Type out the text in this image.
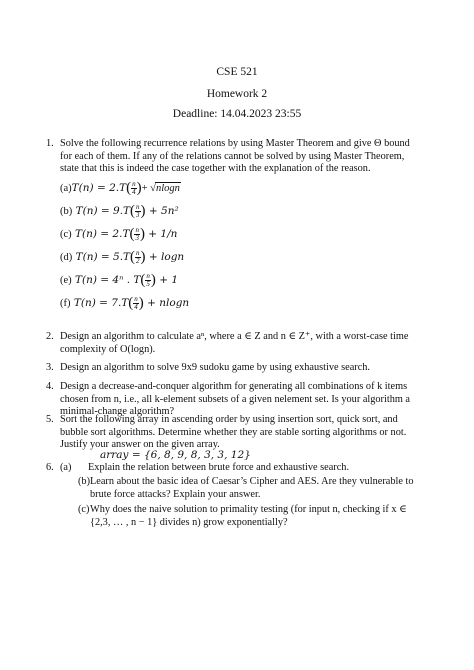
CSE 521
Homework 2
Deadline: 14.04.2023 23:55
1. Solve the following recurrence relations by using Master Theorem and give Θ bound for each of them. If any of the relations cannot be solved by using Master Theorem, state that this is indeed the case together with the explanation of the reason.
$(a)T(n) = 2.T( \frac{n}{4}$ )+ √nlogn
(b) $T(n) = 9.T( \frac{n}{3}$ ) + 5n²
(c) $T(n) = 2.T( \frac{n}{3}$ ) + 1/n
(d) $T(n) = 5.T( \frac{n}{2}$ ) + logn
(e) T(n) = 4ⁿ . $T( \frac{n}{5}$ ) + 1
(f) $T(n) = 7.T( \frac{n}{4}$ ) + nlogn
2. Design an algorithm to calculate aⁿ, where a ∈ Z and n ∈ Z⁺, with a worst-case time complexity of O(logn).
3. Design an algorithm to solve 9x9 sudoku game by using exhaustive search.
4. Design a decrease-and-conquer algorithm for generating all combinations of k items chosen from n, i.e., all k-element subsets of a given nelement set. Is your algorithm a minimal-change algorithm?
5. Sort the following array in ascending order by using insertion sort, quick sort, and bubble sort algorithms. Determine whether they are stable sorting algorithms or not. Justify your answer on the given array.
array = {6, 8, 9, 8, 3, 3, 12}
6. (a) Explain the relation between brute force and exhaustive search.
(b) Learn about the basic idea of Caesar’s Cipher and AES. Are they vulnerable to brute force attacks? Explain your answer.
(c) Why does the naive solution to primality testing (for input n, checking if x ∈ {2,3, … , n − 1} divides n) grow exponentially?
